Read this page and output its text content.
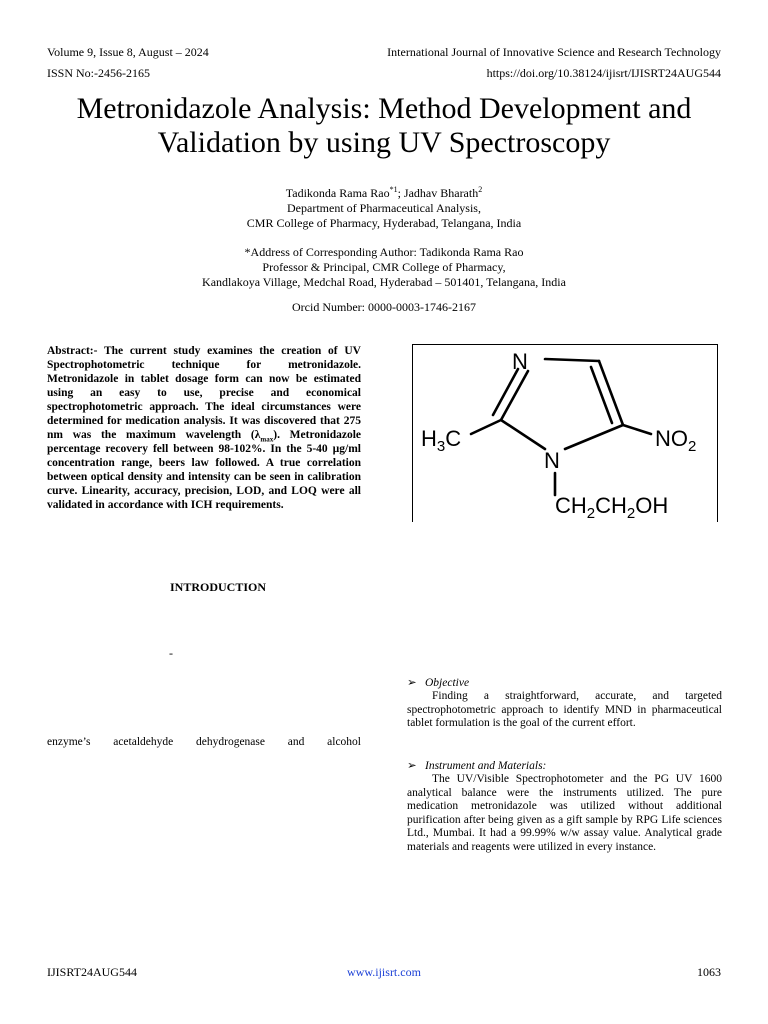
Volume 9, Issue 8, August – 2024
ISSN No:-2456-2165
International Journal of Innovative Science and Research Technology
https://doi.org/10.38124/ijisrt/IJISRT24AUG544
Metronidazole Analysis: Method Development and
Validation by using UV Spectroscopy
Tadikonda Rama Rao$^{*1}$; Jadhav Bharath$^2$
Department of Pharmaceutical Analysis,
CMR College of Pharmacy, Hyderabad, Telangana, India
*Address of Corresponding Author: Tadikonda Rama Rao
Professor & Principal, CMR College of Pharmacy,
Kandlakoya Village, Medchal Road, Hyderabad – 501401, Telangana, India
Orcid Number: 0000-0003-1746-2167
Abstract:- The current study examines the creation of UV Spectrophotometric technique for metronidazole. Metronidazole in tablet dosage form can now be estimated using an easy to use, precise and economical spectrophotometric approach. The ideal circumstances were determined for medication analysis. It was discovered that 275 nm was the maximum wavelength $(\lambda_{max})$. Metronidazole percentage recovery fell between 98-102%. In the 5-40 µg/ml concentration range, beers law followed. A true correlation between optical density and intensity can be seen in calibration curve. Linearity, accuracy, precision, LOD, and LOQ were all validated in accordance with ICH requirements.
N
N
$H_3C$	$NO_2$
$CH_2CH_2OH$
INTRODUCTION
-
enzyme’s acetaldehyde dehydrogenase and alcohol
➢ Objective

Finding a straightforward, accurate, and targeted spectrophotometric approach to identify MND in pharmaceutical tablet formulation is the goal of the current effort.

➢ Instrument and Materials:

The UV/Visible Spectrophotometer and the PG UV 1600 analytical balance were the instruments utilized. The pure medication metronidazole was utilized without additional purification after being given as a gift sample by RPG Life sciences Ltd., Mumbai. It had a 99.99% w/w assay value. Analytical grade materials and reagents were utilized in every instance.

IJISRT24AUG544	www.ijisrt.com	1063
